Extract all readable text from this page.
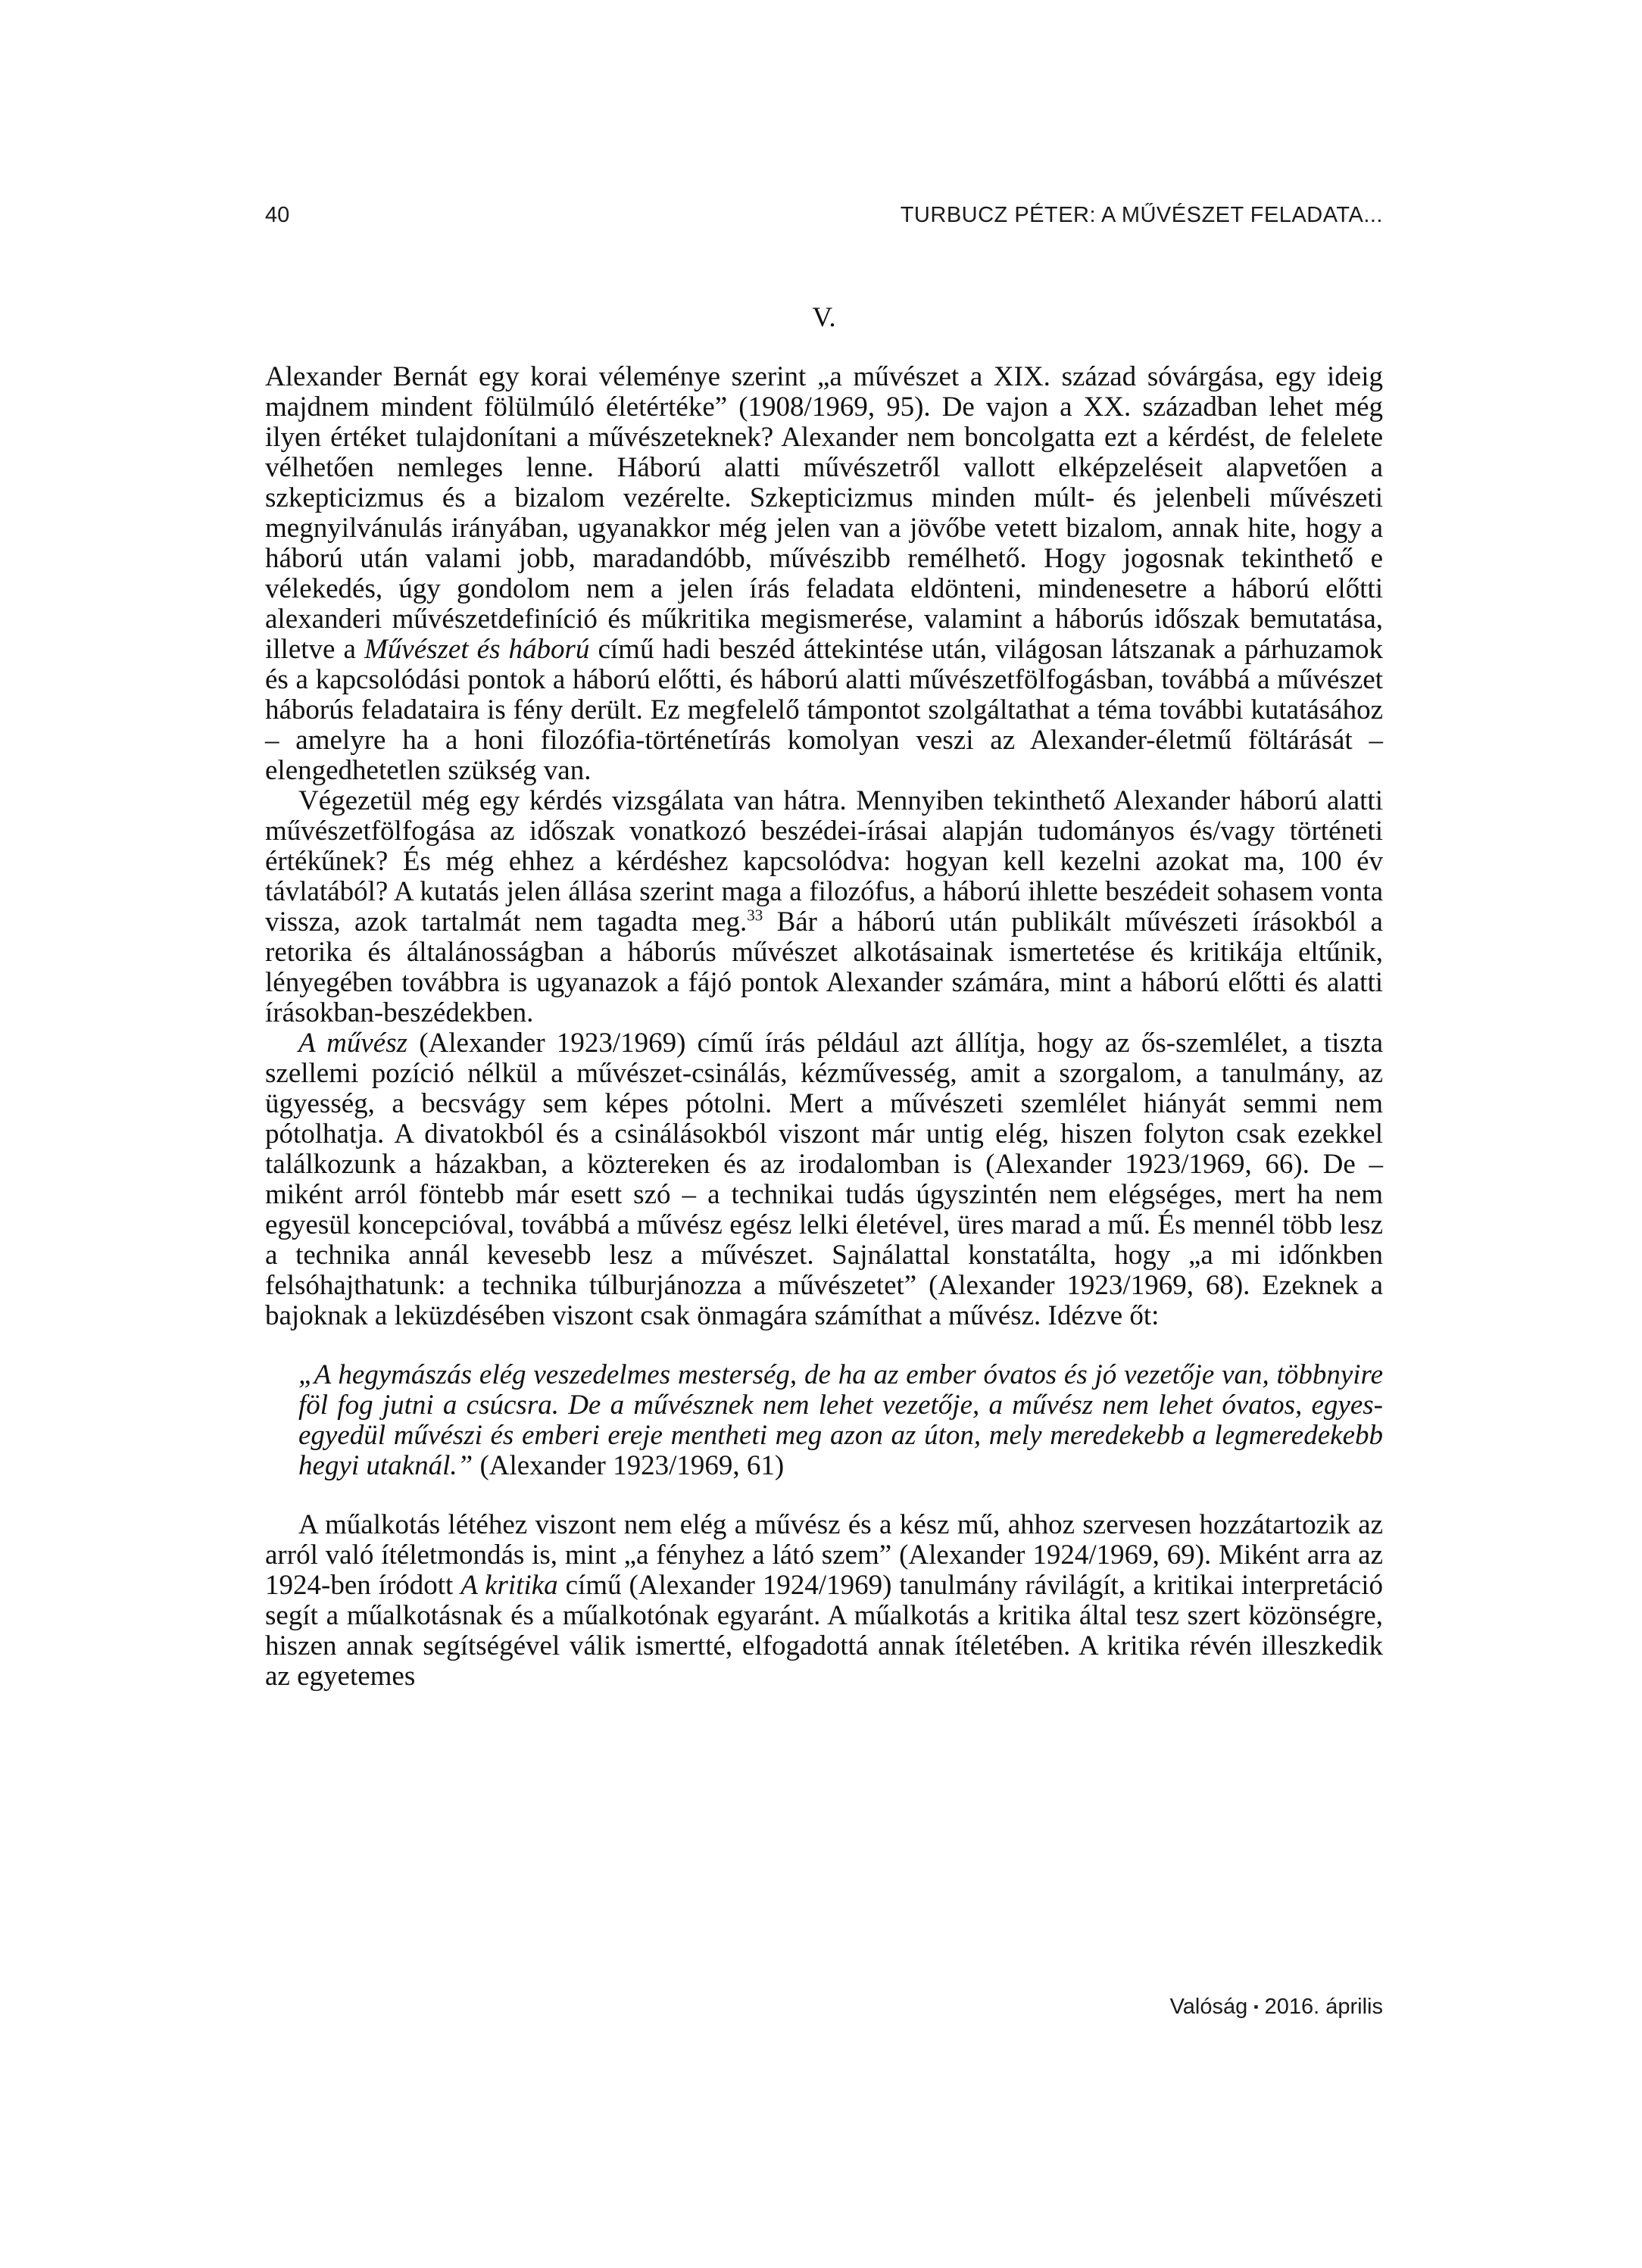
40	TURBUCZ PÉTER: A MŰVÉSZET FELADATA...
V.

Alexander Bernát egy korai véleménye szerint „a művészet a XIX. század sóvárgása, egy ideig majdnem mindent fölülmúló életértéke” (1908/1969, 95). De vajon a XX. században lehet még ilyen értéket tulajdonítani a művészeteknek? Alexander nem boncolgatta ezt a kérdést, de felelete vélhetően nemleges lenne. Háború alatti művészetről vallott elképzeléseit alapvetően a szkepticizmus és a bizalom vezérelte. Szkepticizmus minden múlt- és jelenbeli művészeti megnyilvánulás irányában, ugyanakkor még jelen van a jövőbe vetett bizalom, annak hite, hogy a háború után valami jobb, maradandóbb, művészibb remélhető. Hogy jogosnak tekinthető e vélekedés, úgy gondolom nem a jelen írás feladata eldönteni, mindenesetre a háború előtti alexanderi művészetdefiníció és műkritika megismerése, valamint a háborús időszak bemutatása, illetve a Művészet és háború című hadi beszéd áttekintése után, világosan látszanak a párhuzamok és a kapcsolódási pontok a háború előtti, és háború alatti művészetfölfogásban, továbbá a művészet háborús feladataira is fény derült. Ez megfelelő támpontot szolgáltathat a téma további kutatásához – amelyre ha a honi filozófia-történetírás komolyan veszi az Alexander-életmű föltárását – elengedhetetlen szükség van.

Végezetül még egy kérdés vizsgálata van hátra. Mennyiben tekinthető Alexander háború alatti művészetfölfogása az időszak vonatkozó beszédei-írásai alapján tudományos és/vagy történeti értékűnek? És még ehhez a kérdéshez kapcsolódva: hogyan kell kezelni azokat ma, 100 év távlatából? A kutatás jelen állása szerint maga a filozófus, a háború ihlette beszédeit sohasem vonta vissza, azok tartalmát nem tagadta meg.$^{33}$ Bár a háború után publikált művészeti írásokból a retorika és általánosságban a háborús művészet alkotásainak ismertetése és kritikája eltűnik, lényegében továbbra is ugyanazok a fájó pontok Alexander számára, mint a háború előtti és alatti írásokban-beszédekben.

A művész (Alexander 1923/1969) című írás például azt állítja, hogy az ős-szemlélet, a tiszta szellemi pozíció nélkül a művészet-csinálás, kézművesség, amit a szorgalom, a tanulmány, az ügyesség, a becsvágy sem képes pótolni. Mert a művészeti szemlélet hiányát semmi nem pótolhatja. A divatokból és a csinálásokból viszont már untig elég, hiszen folyton csak ezekkel találkozunk a házakban, a köztereken és az irodalomban is (Alexander 1923/1969, 66). De – miként arról föntebb már esett szó – a technikai tudás úgyszintén nem elégséges, mert ha nem egyesül koncepcióval, továbbá a művész egész lelki életével, üres marad a mű. És mennél több lesz a technika annál kevesebb lesz a művészet. Sajnálattal konstatálta, hogy „a mi időnkben felsóhajthatunk: a technika túlburjánozza a művészetet” (Alexander 1923/1969, 68). Ezeknek a bajoknak a leküzdésében viszont csak önmagára számíthat a művész. Idézve őt:

„A hegymászás elég veszedelmes mesterség, de ha az ember óvatos és jó vezetője van, többnyire föl fog jutni a csúcsra. De a művésznek nem lehet vezetője, a művész nem lehet óvatos, egyes-egyedül művészi és emberi ereje mentheti meg azon az úton, mely meredekebb a legmeredekebb hegyi utaknál.” (Alexander 1923/1969, 61)

A műalkotás létéhez viszont nem elég a művész és a kész mű, ahhoz szervesen hozzátartozik az arról való ítéletmondás is, mint „a fényhez a látó szem” (Alexander 1924/1969, 69). Miként arra az 1924-ben íródott A kritika című (Alexander 1924/1969) tanulmány rávilágít, a kritikai interpretáció segít a műalkotásnak és a műalkotónak egyaránt. A műalkotás a kritika által tesz szert közönségre, hiszen annak segítségével válik ismertté, elfogadottá annak ítéletében. A kritika révén illeszkedik az egyetemes

Valóság ▪ 2016. április
